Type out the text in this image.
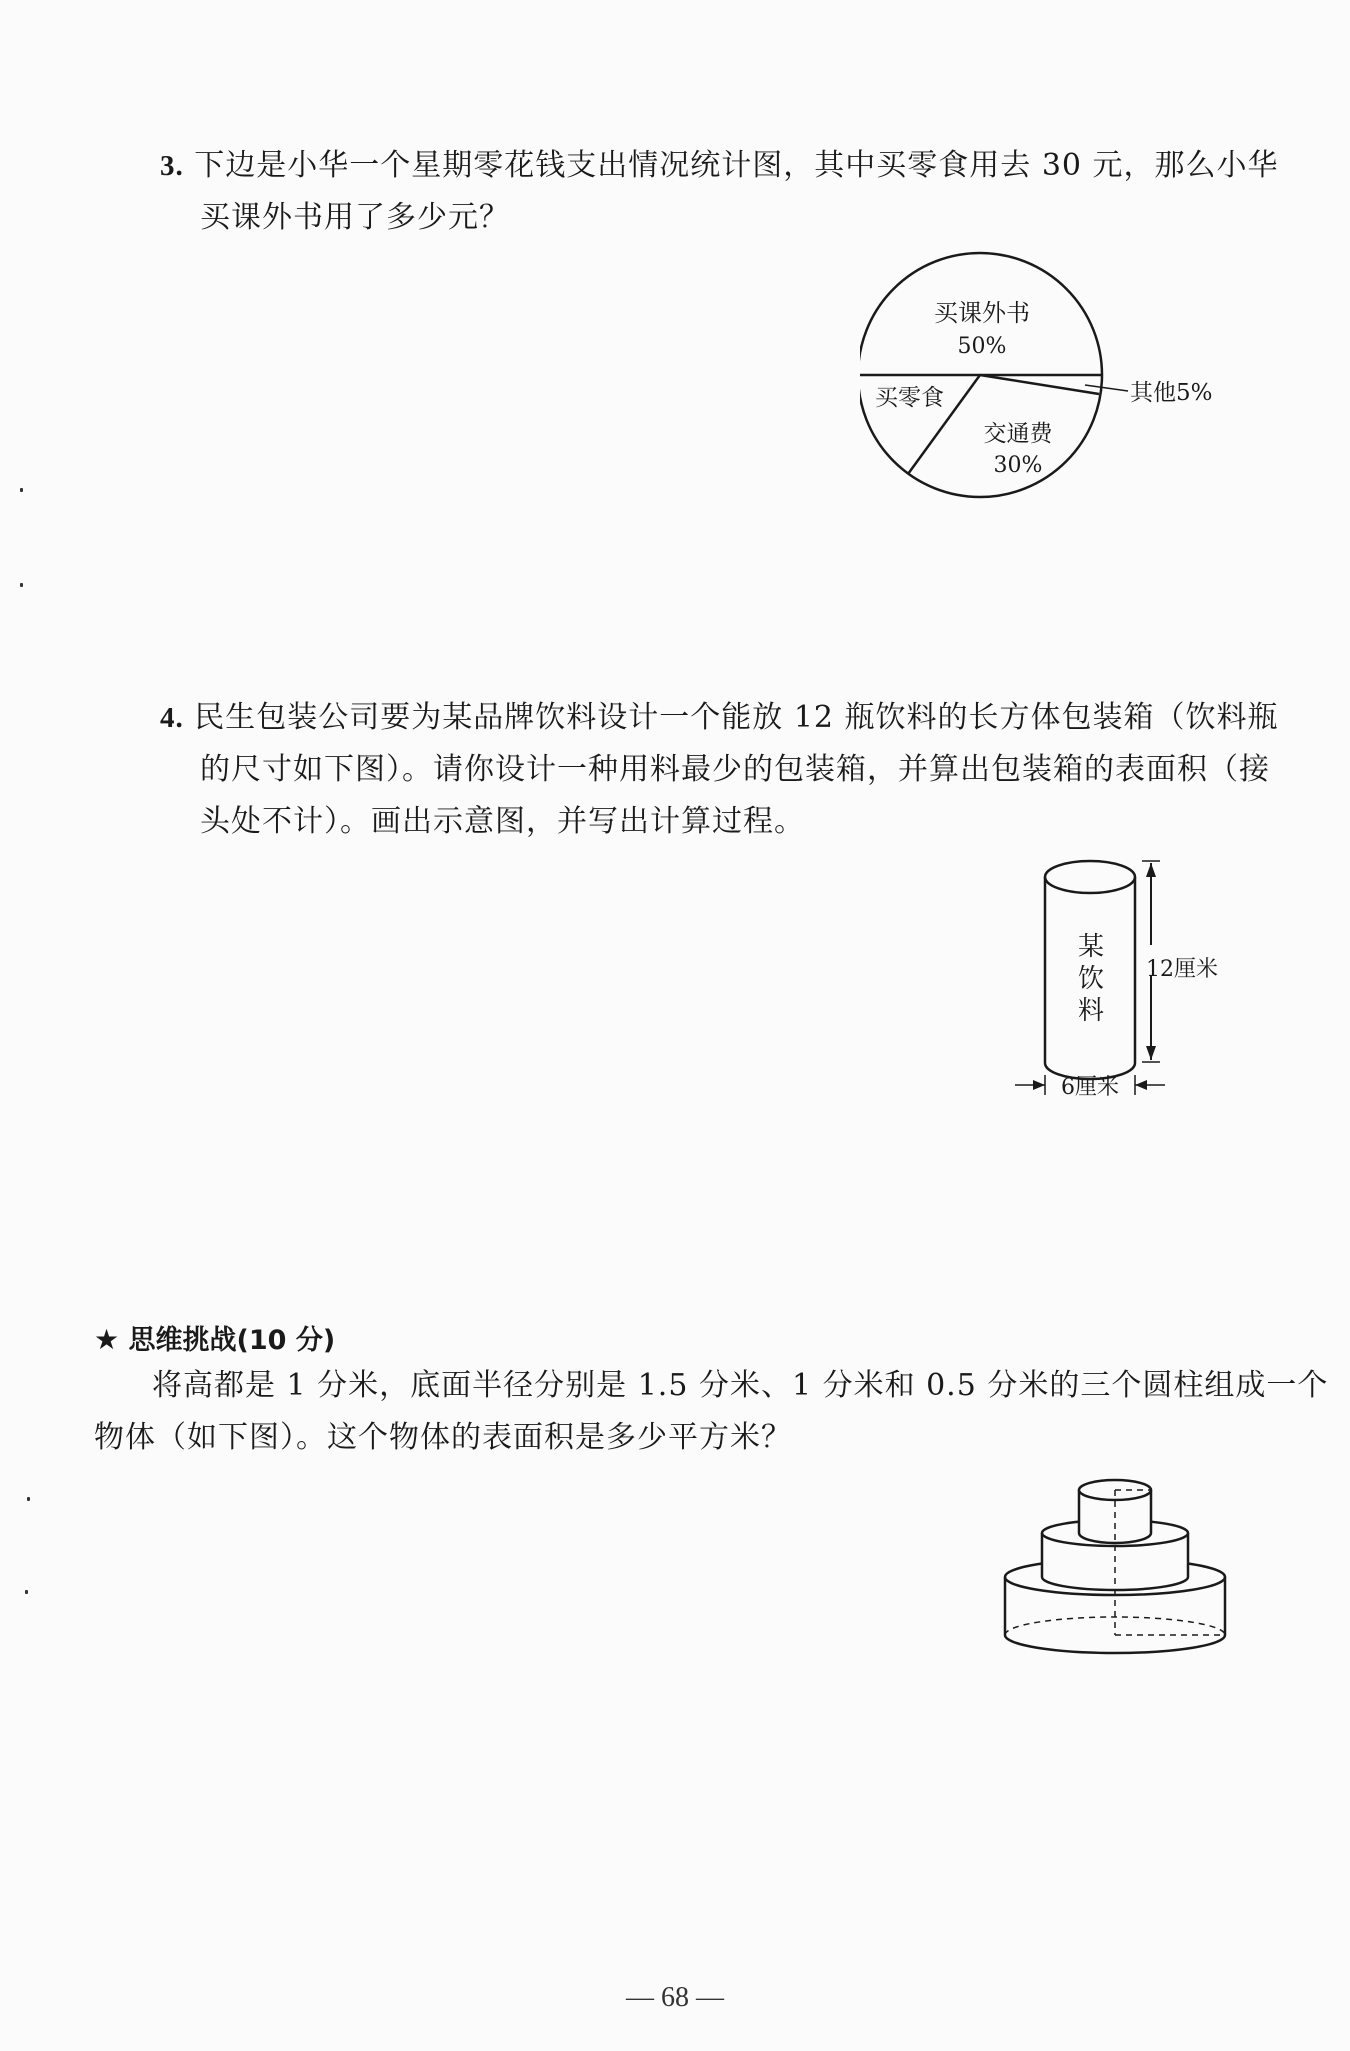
3. 下边是小华一个星期零花钱支出情况统计图，其中买零食用去 30 元，那么小华
买课外书用了多少元？
买课外书
50%
买零食
交通费
30%
其他5%
4. 民生包装公司要为某品牌饮料设计一个能放 12 瓶饮料的长方体包装箱（饮料瓶
的尺寸如下图）。请你设计一种用料最少的包装箱，并算出包装箱的表面积（接
头处不计）。画出示意图，并写出计算过程。
某
饮
料
12厘米
6厘米
★ 思维挑战(10 分)
将高都是 1 分米，底面半径分别是 1.5 分米、1 分米和 0.5 分米的三个圆柱组成一个
物体（如下图）。这个物体的表面积是多少平方米？
— 68 —
